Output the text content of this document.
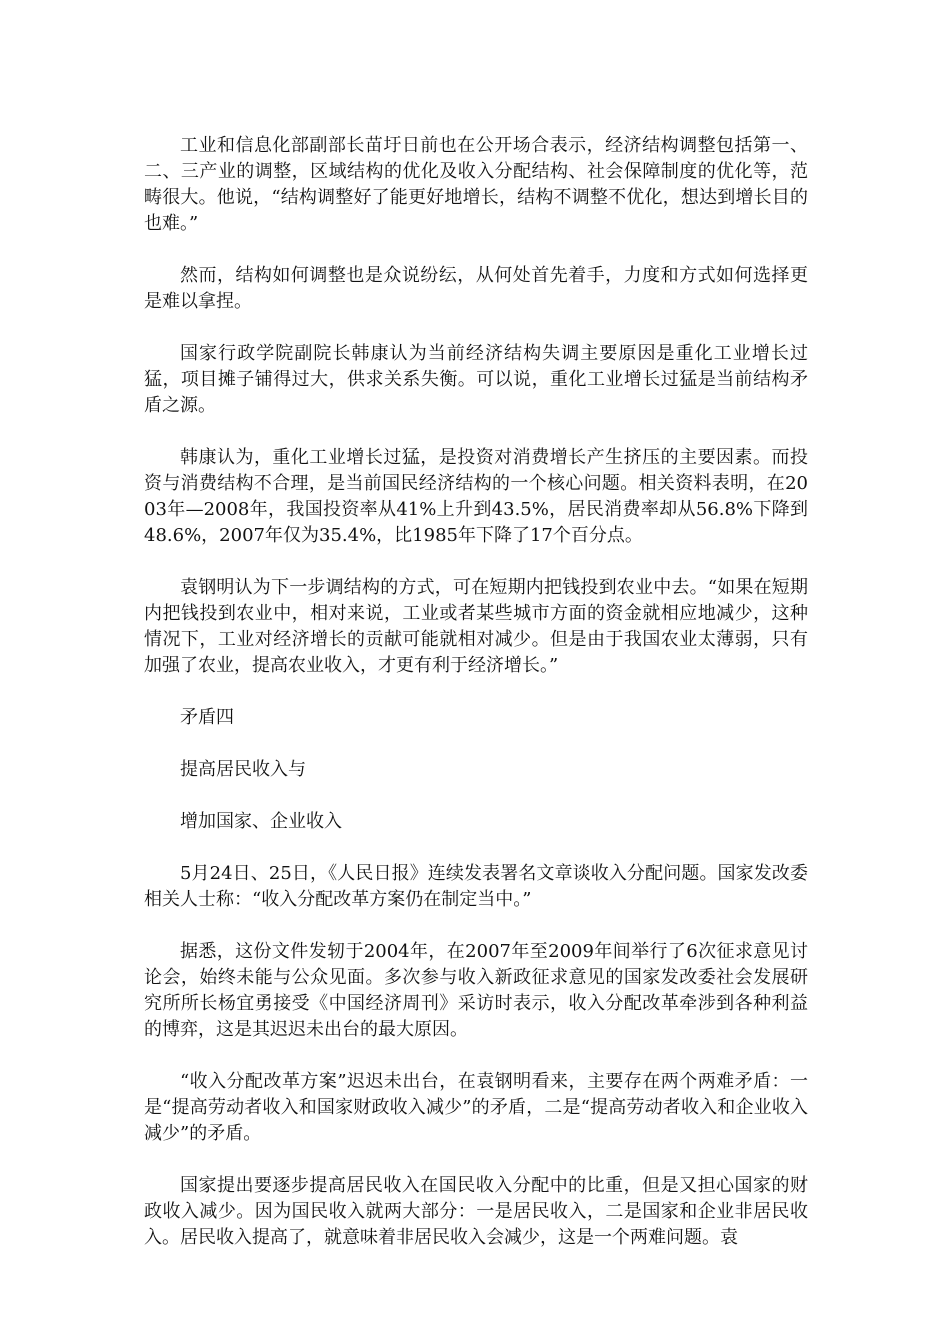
工业和信息化部副部长苗圩日前也在公开场合表示，经济结构调整包括第一、二、三产业的调整，区域结构的优化及收入分配结构、社会保障制度的优化等，范畴很大。他说，“结构调整好了能更好地增长，结构不调整不优化，想达到增长目的也难。”

然而，结构如何调整也是众说纷纭，从何处首先着手，力度和方式如何选择更是难以拿捏。

国家行政学院副院长韩康认为当前经济结构失调主要原因是重化工业增长过猛，项目摊子铺得过大，供求关系失衡。可以说，重化工业增长过猛是当前结构矛盾之源。

韩康认为，重化工业增长过猛，是投资对消费增长产生挤压的主要因素。而投资与消费结构不合理，是当前国民经济结构的一个核心问题。相关资料表明，在2003年—2008年，我国投资率从41%上升到43.5%，居民消费率却从56.8%下降到48.6%，2007年仅为35.4%，比1985年下降了17个百分点。

袁钢明认为下一步调结构的方式，可在短期内把钱投到农业中去。“如果在短期内把钱投到农业中，相对来说，工业或者某些城市方面的资金就相应地减少，这种情况下，工业对经济增长的贡献可能就相对减少。但是由于我国农业太薄弱，只有加强了农业，提高农业收入，才更有利于经济增长。”

矛盾四

提高居民收入与

增加国家、企业收入

5月24日、25日，《人民日报》连续发表署名文章谈收入分配问题。国家发改委相关人士称：“收入分配改革方案仍在制定当中。”

据悉，这份文件发轫于2004年，在2007年至2009年间举行了6次征求意见讨论会，始终未能与公众见面。多次参与收入新政征求意见的国家发改委社会发展研究所所长杨宜勇接受《中国经济周刊》采访时表示，收入分配改革牵涉到各种利益的博弈，这是其迟迟未出台的最大原因。

“收入分配改革方案”迟迟未出台，在袁钢明看来，主要存在两个两难矛盾：一是“提高劳动者收入和国家财政收入减少”的矛盾，二是“提高劳动者收入和企业收入减少”的矛盾。

国家提出要逐步提高居民收入在国民收入分配中的比重，但是又担心国家的财政收入减少。因为国民收入就两大部分：一是居民收入，二是国家和企业非居民收入。居民收入提高了，就意味着非居民收入会减少，这是一个两难问题。袁
